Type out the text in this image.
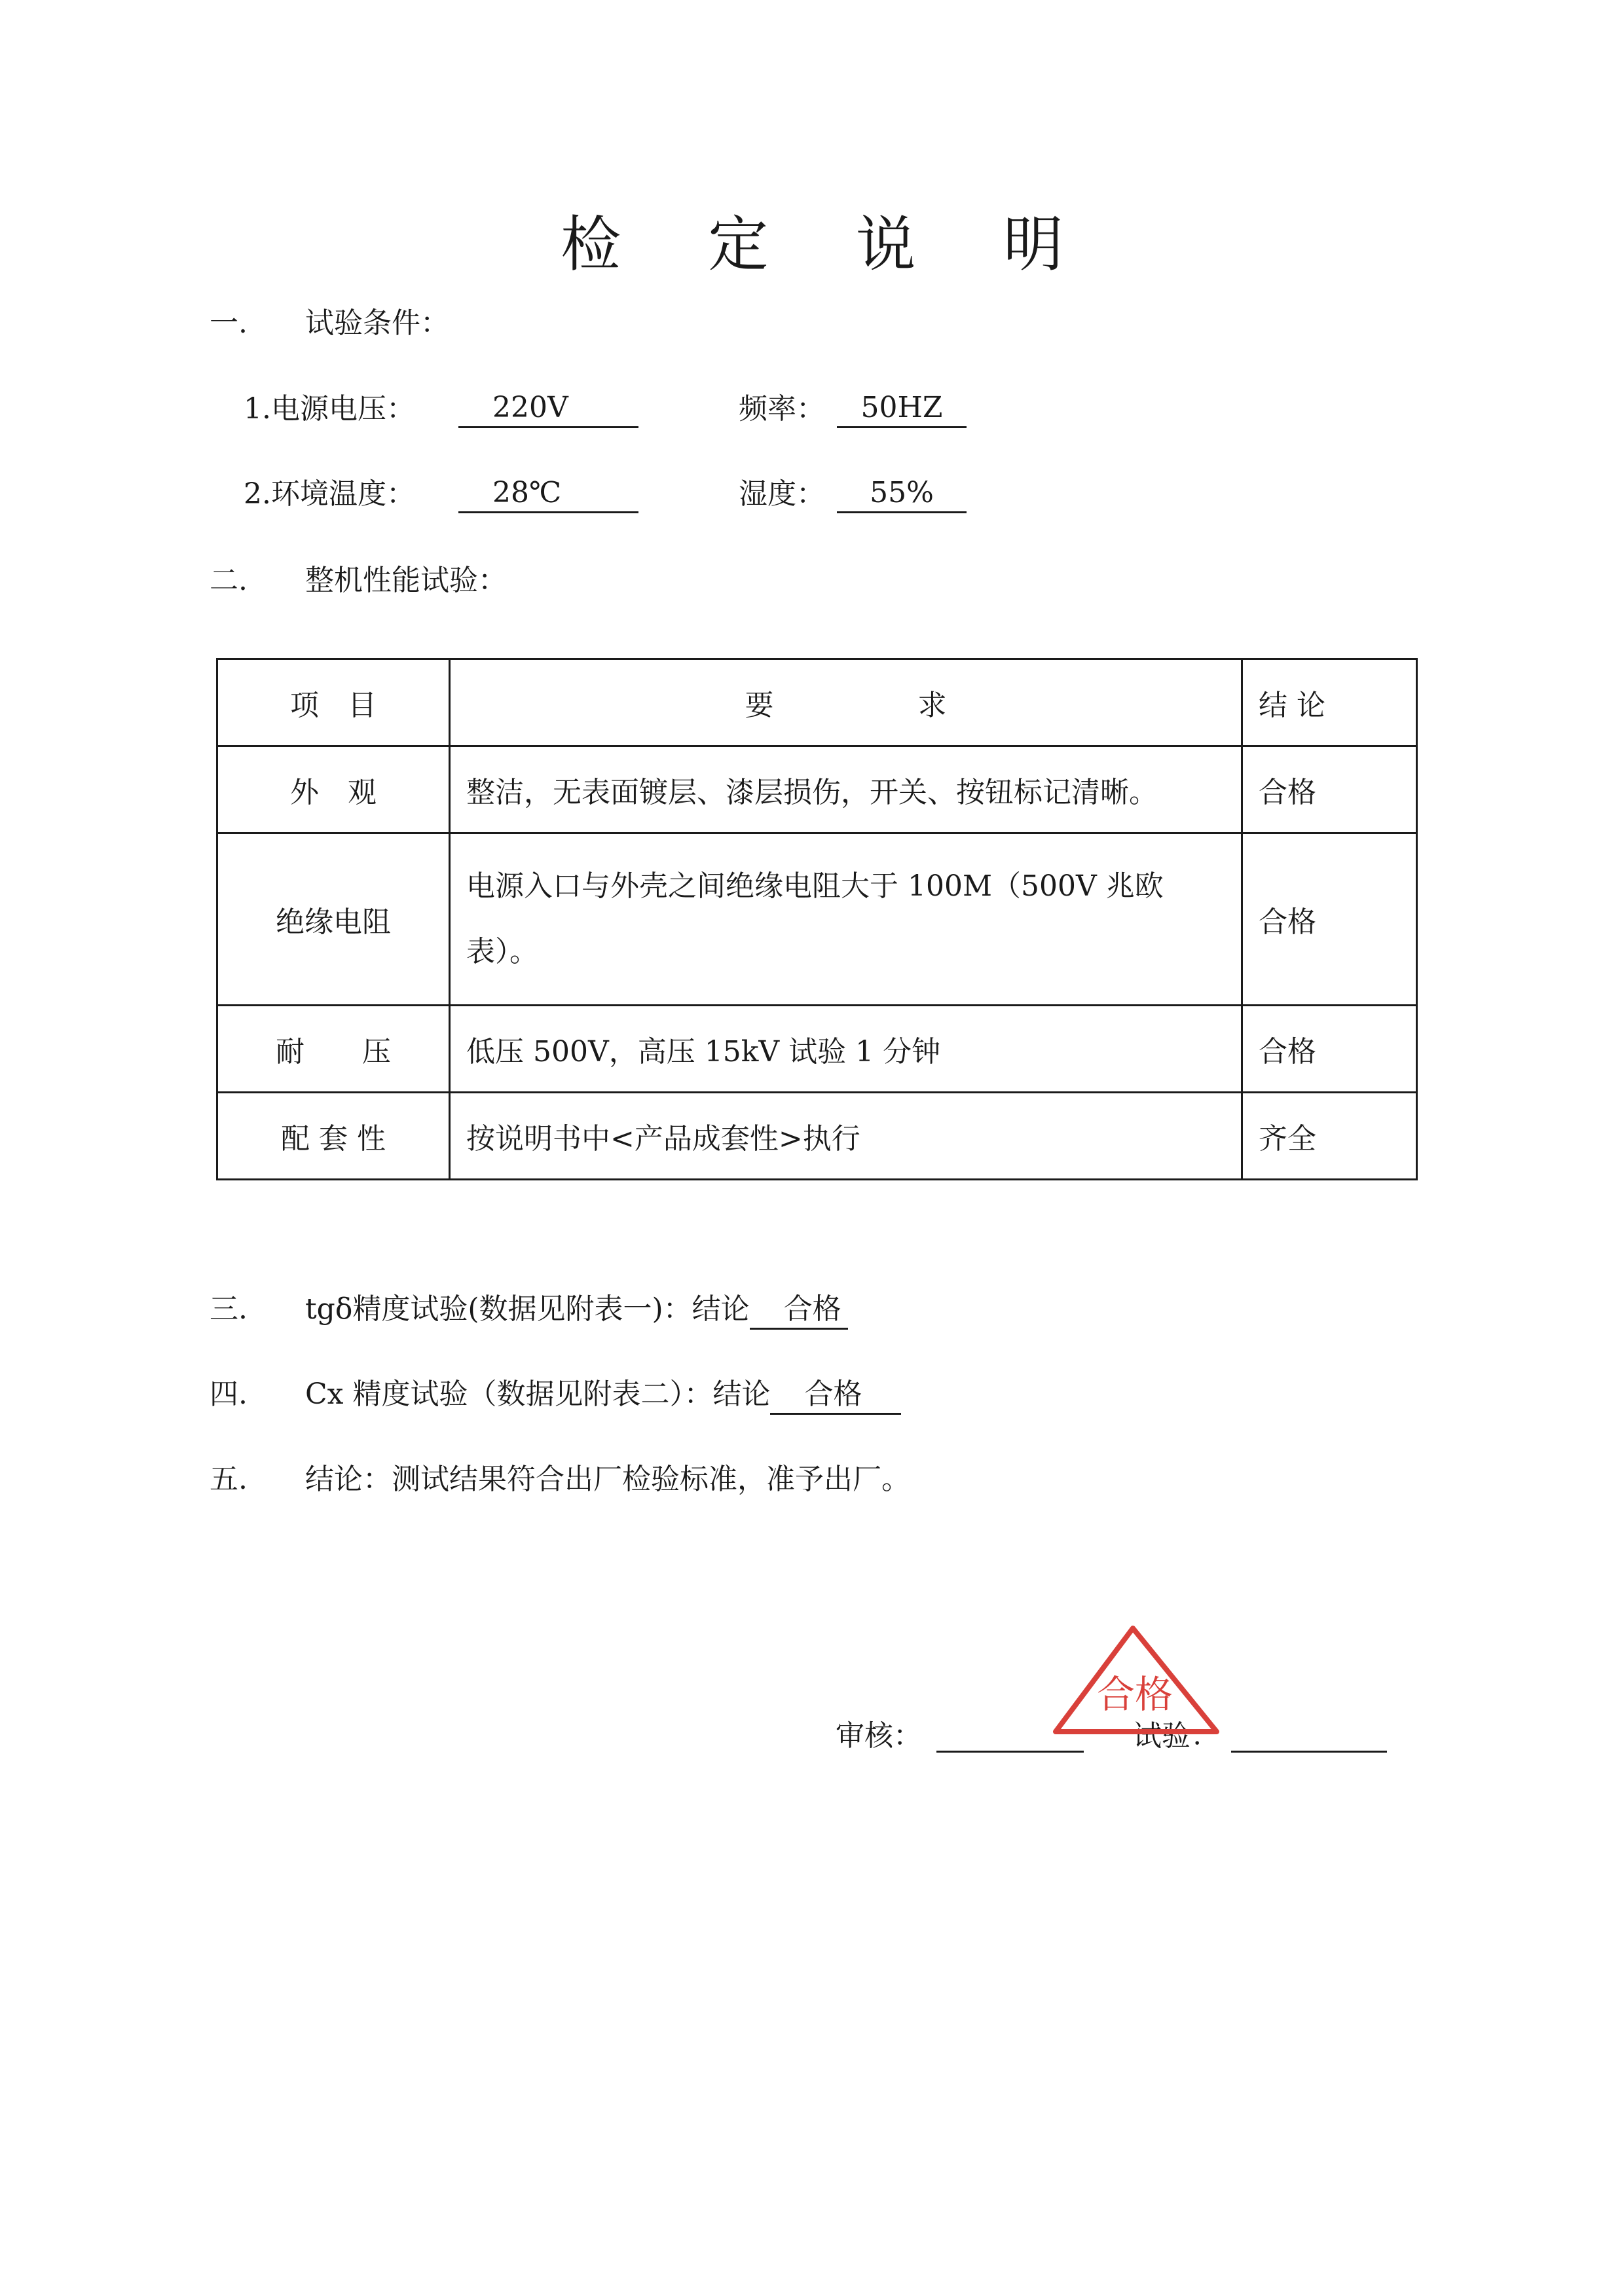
检 定 说 明
一. 试验条件：
1.电源电压：	220V	频率：	50HZ
2.环境温度：	28℃	湿度：	55%
二. 整机性能试验：
项　目	要　　　　　求	结 论
外　观	整洁，无表面镀层、漆层损伤，开关、按钮标记清晰。	合格
绝缘电阻	电源入口与外壳之间绝缘电阻大于 100M（500V 兆欧
表）。	合格
耐　　压	低压 500V，高压 15kV 试验 1 分钟	合格
配 套 性	按说明书中<产品成套性>执行	齐全
三. tgδ精度试验(数据见附表一)：结论 合格
四. Cx 精度试验（数据见附表二）：结论 合格
五. 结论：测试结果符合出厂检验标准，准予出厂。
审核：	试验：
合格
